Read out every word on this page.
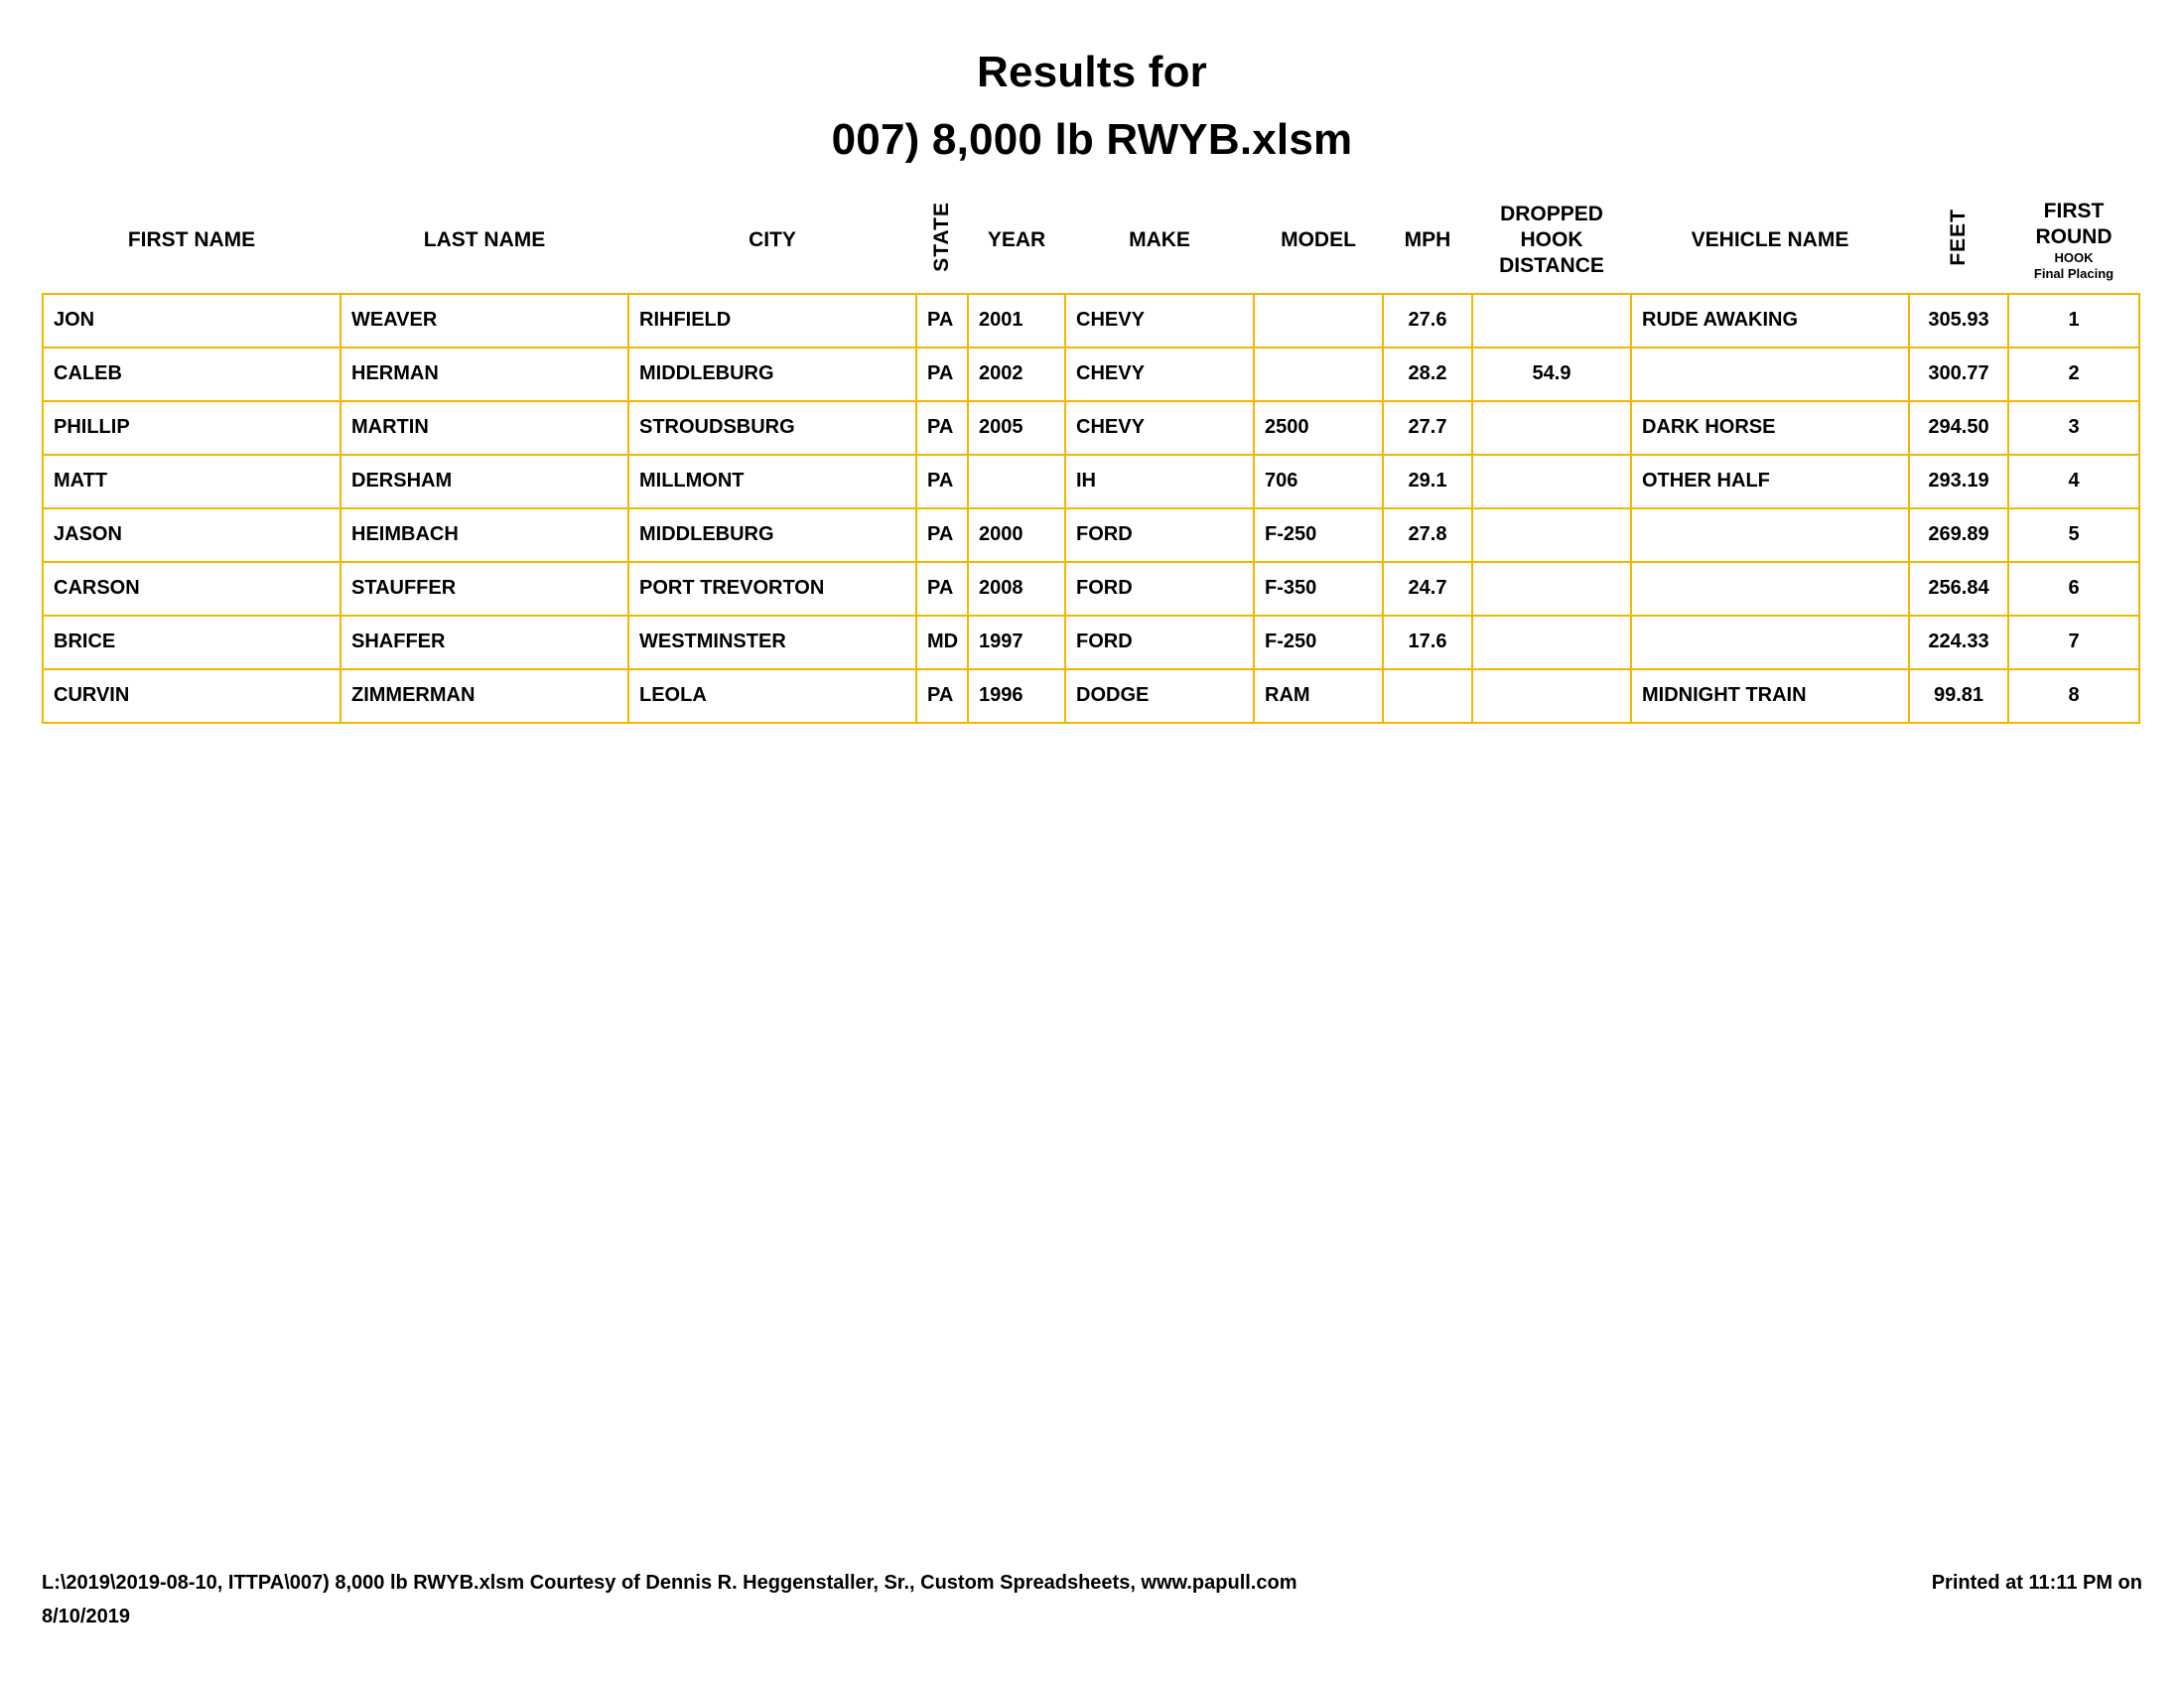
Results for
007) 8,000 lb RWYB.xlsm
FIRST NAME	LAST NAME	CITY	STATE	YEAR	MAKE	MODEL	MPH	DROPPED
HOOK
DISTANCE	VEHICLE NAME	FEET	FIRST ROUND
HOOK
Final Placing

JON	WEAVER	RIHFIELD	PA	2001	CHEVY		27.6		RUDE AWAKING	305.93	1
CALEB	HERMAN	MIDDLEBURG	PA	2002	CHEVY		28.2	54.9		300.77	2
PHILLIP	MARTIN	STROUDSBURG	PA	2005	CHEVY	2500	27.7		DARK HORSE	294.50	3
MATT	DERSHAM	MILLMONT	PA		IH	706	29.1		OTHER HALF	293.19	4
JASON	HEIMBACH	MIDDLEBURG	PA	2000	FORD	F-250	27.8			269.89	5
CARSON	STAUFFER	PORT TREVORTON	PA	2008	FORD	F-350	24.7			256.84	6
BRICE	SHAFFER	WESTMINSTER	MD	1997	FORD	F-250	17.6			224.33	7
CURVIN	ZIMMERMAN	LEOLA	PA	1996	DODGE	RAM			MIDNIGHT TRAIN	99.81	8
L:\2019\2019-08-10, ITTPA\007) 8,000 lb RWYB.xlsm Courtesy of Dennis R. Heggenstaller, Sr., Custom Spreadsheets, www.papull.com	Printed at 11:11 PM on
8/10/2019
